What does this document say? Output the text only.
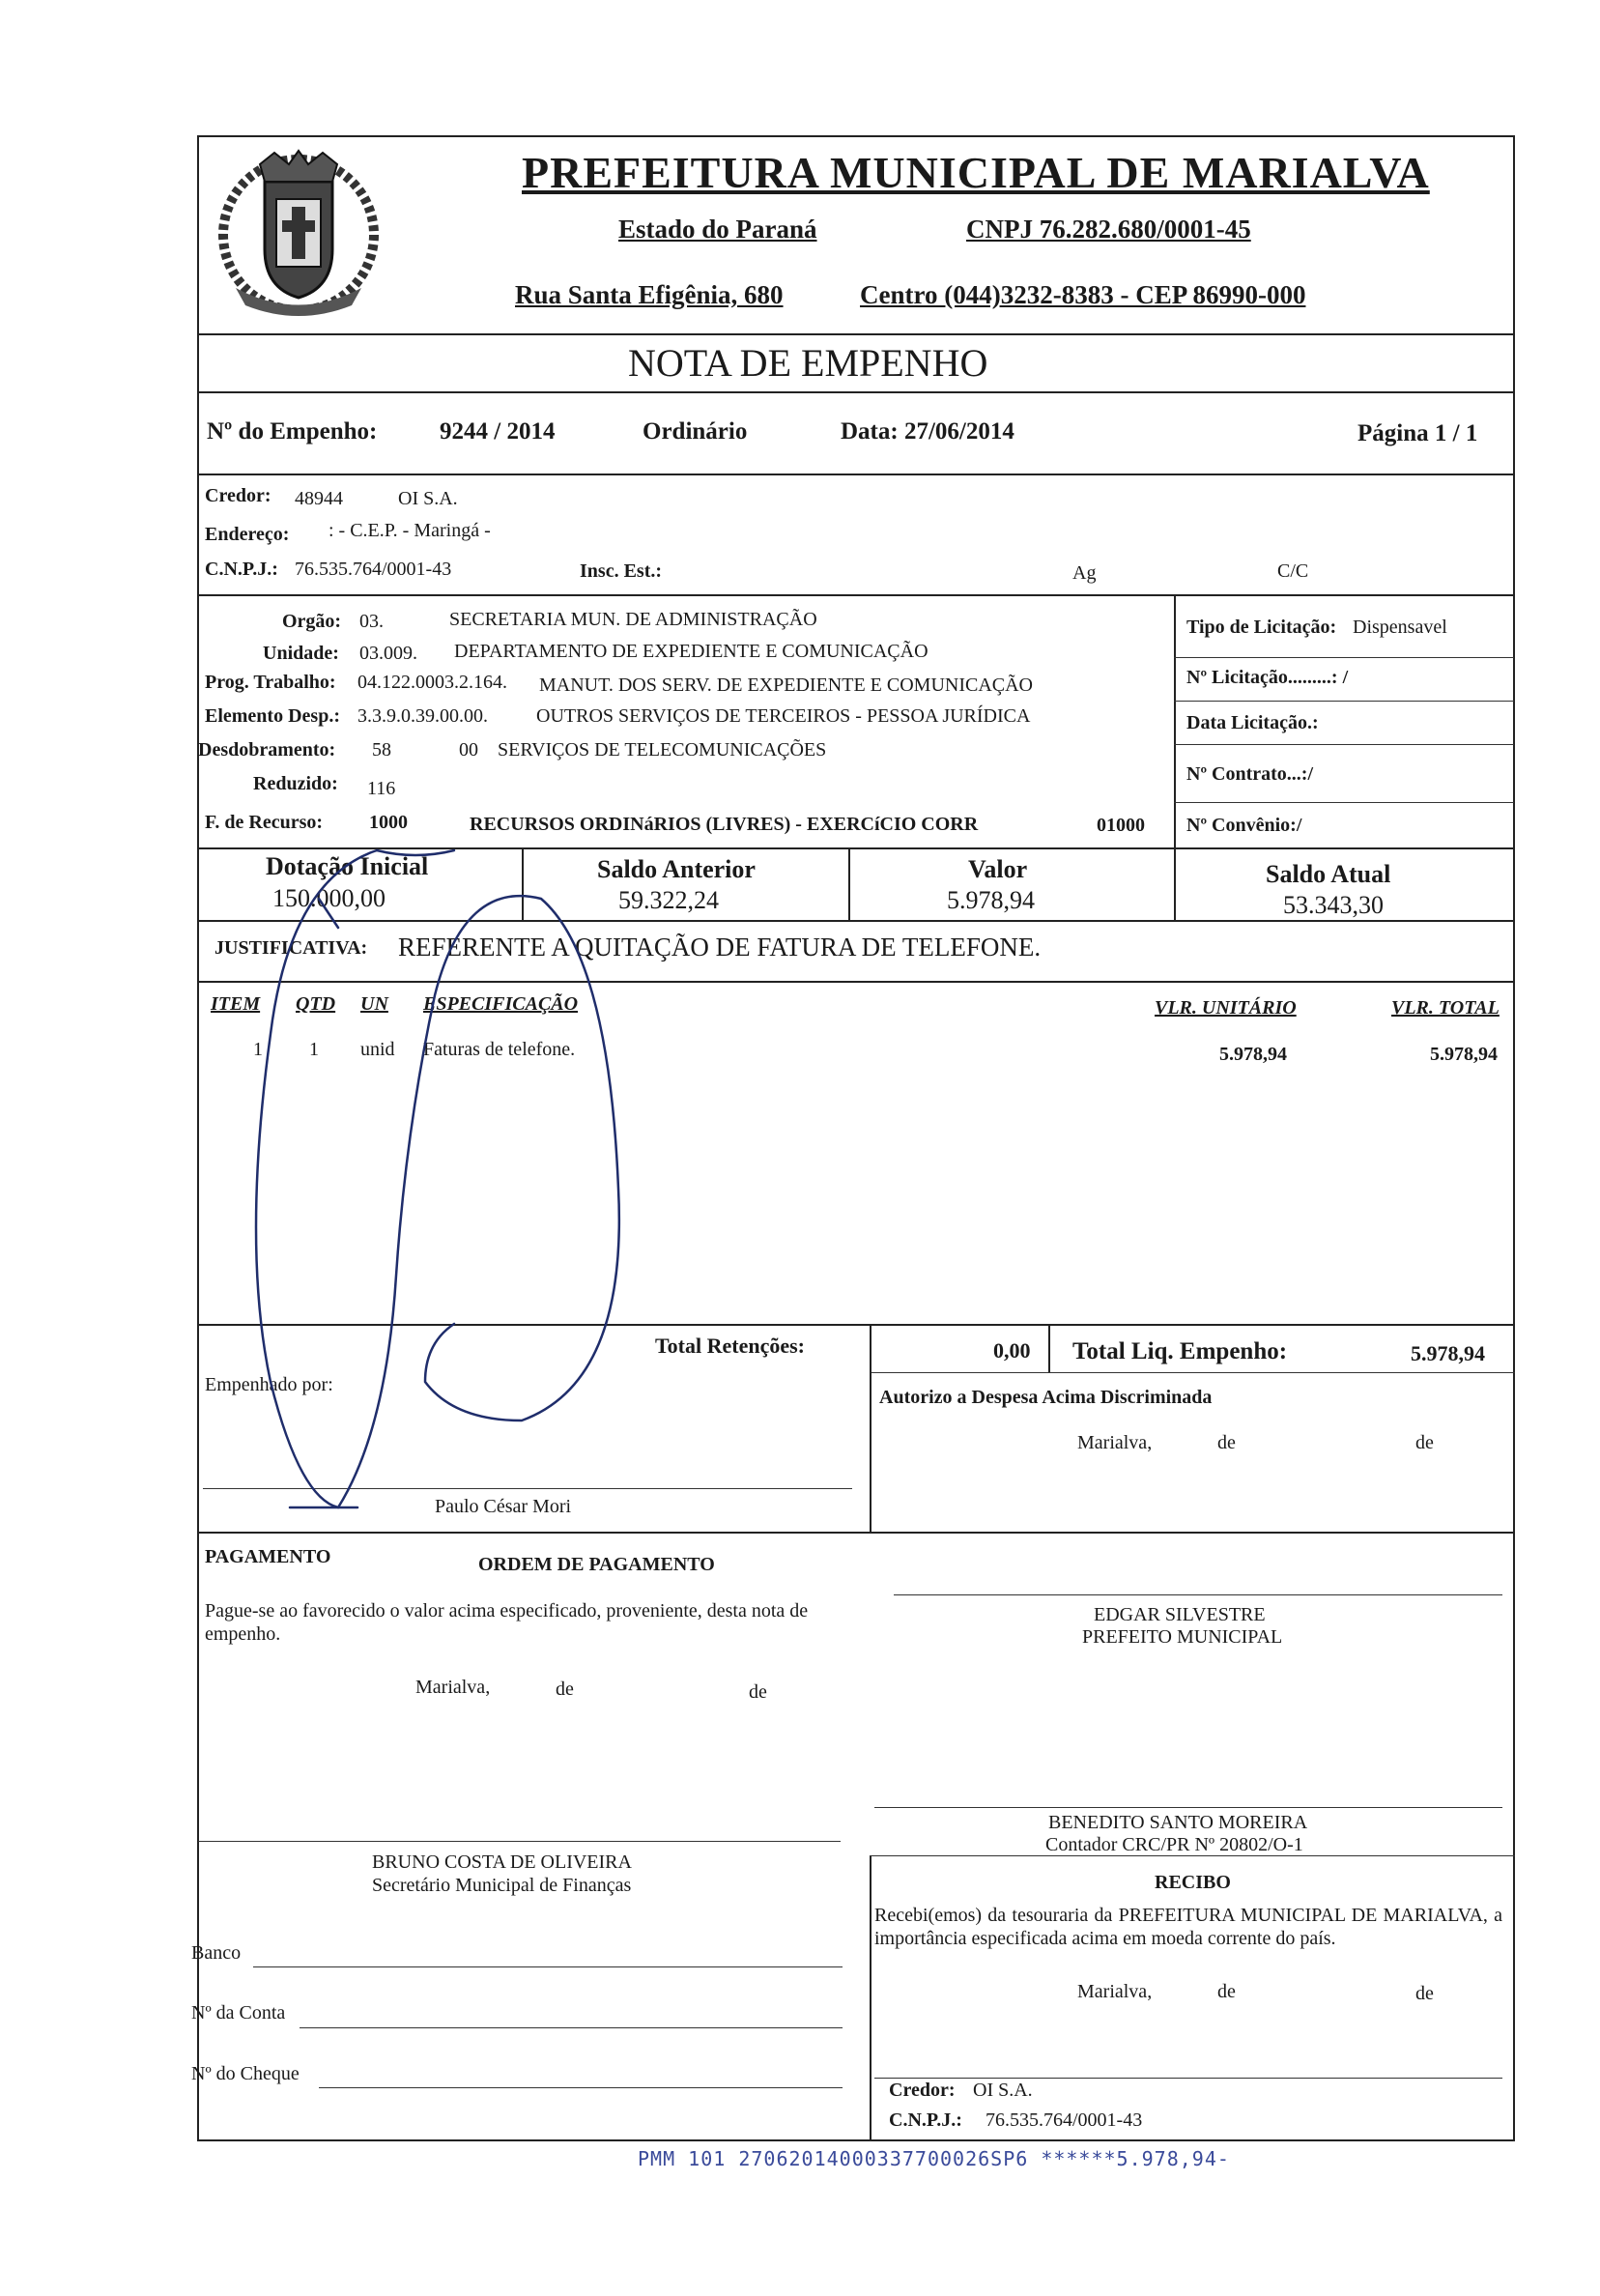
PREFEITURA MUNICIPAL DE MARIALVA
Estado do Paraná	CNPJ 76.282.680/0001-45
Rua Santa Efigênia, 680	Centro (044)3232-8383 - CEP 86990-000
NOTA DE EMPENHO
Nº do Empenho:	9244 / 2014	Ordinário	Data: 27/06/2014	Página 1 / 1
Credor: 48944	OI S.A.
Endereço: : - C.E.P. - Maringá -
C.N.P.J.: 76.535.764/0001-43	Insc. Est.:	Ag	C/C
Orgão: 03.	SECRETARIA MUN. DE ADMINISTRAÇÃO
Unidade: 03.009. DEPARTAMENTO DE EXPEDIENTE E COMUNICAÇÃO
Prog. Trabalho: 04.122.0003.2.164. MANUT. DOS SERV. DE EXPEDIENTE E COMUNICAÇÃO
Elemento Desp.: 3.3.9.0.39.00.00.	OUTROS SERVIÇOS DE TERCEIROS - PESSOA JURÍDICA
Desdobramento: 58  00 SERVIÇOS DE TELECOMUNICAÇÕES
Reduzido: 116
F. de Recurso: 1000	RECURSOS ORDINáRIOS (LIVRES) - EXERCíCIO CORR	01000
Tipo de Licitação: Dispensavel
Nº Licitação.........: /
Data Licitação.:
Nº Contrato...:/
Nº Convênio:/
Dotação Inicial
150.000,00
Saldo Anterior
59.322,24
Valor
5.978,94
Saldo Atual
53.343,30
JUSTIFICATIVA: REFERENTE A QUITAÇÃO DE FATURA DE TELEFONE.
ITEM QTD UN ESPECIFICAÇÃO	VLR. UNITÁRIO	VLR. TOTAL
1 1 unid Faturas de telefone.	5.978,94	5.978,94
Total Retenções:	0,00 Total Liq. Empenho:	5.978,94
Empenhado por:
Paulo César Mori
Autorizo a Despesa Acima Discriminada
Marialva,	de	de
PAGAMENTO	ORDEM DE PAGAMENTO
Pague-se ao favorecido o valor acima especificado, proveniente, desta nota de empenho.
Marialva,	de	de
EDGAR SILVESTRE
PREFEITO MUNICIPAL
BRUNO COSTA DE OLIVEIRA
Secretário Municipal de Finanças
BENEDITO SANTO MOREIRA
Contador CRC/PR Nº 20802/O-1
RECIBO
Recebi(emos) da tesouraria da PREFEITURA MUNICIPAL DE MARIALVA, a importância especificada acima em moeda corrente do país.
Marialva,	de	de
Credor: OI S.A.
C.N.P.J.: 76.535.764/0001-43
Banco
Nº da Conta
Nº do Cheque
PMM 101 27062014000337700026SP6 ******5.978,94-
